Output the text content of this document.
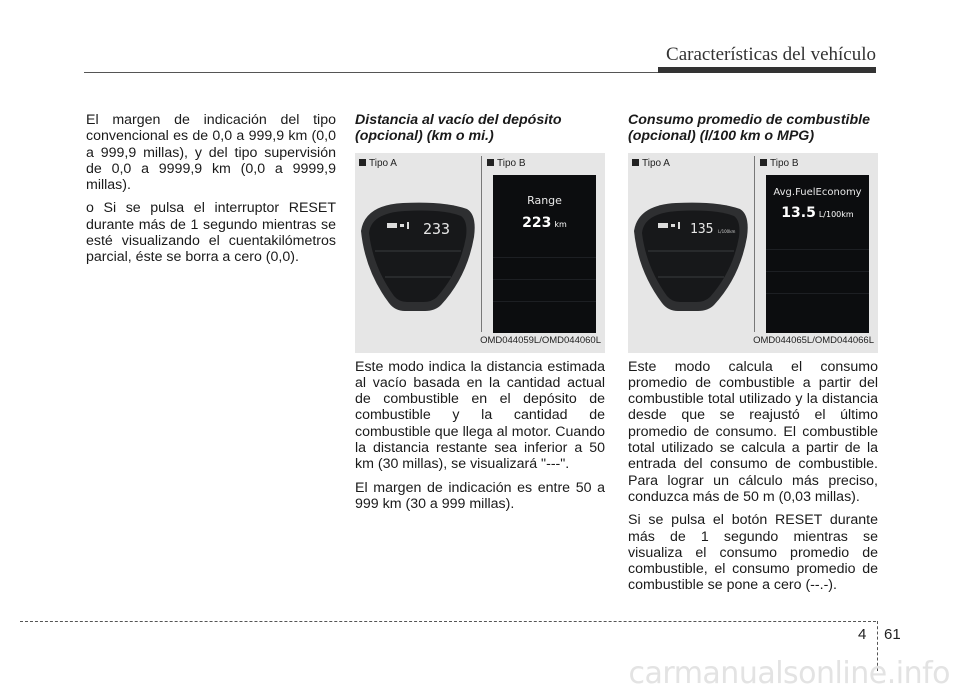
Características del vehículo

El margen de indicación del tipo convencional es de 0,0 a 999,9 km (0,0 a 999,9 millas), y del tipo supervisión de 0,0 a 9999,9 km (0,0 a 9999,9 millas).

o Si se pulsa el interruptor RESET durante más de 1 segundo mientras se esté visualizando el cuentakilómetros parcial, éste se borra a cero (0,0).

Distancia al vacío del depósito (opcional) (km o mi.)
233
Tipo A	Tipo B
Range
223 km
OMD044059L/OMD044060L

Este modo indica la distancia estimada al vacío basada en la cantidad actual de combustible en el depósito de combustible y la cantidad de combustible que llega al motor. Cuando la distancia restante sea inferior a 50 km (30 millas), se visualizará "---".

El margen de indicación es entre 50 a 999 km (30 a 999 millas).

Consumo promedio de combustible (opcional) (l/100 km o MPG)
135 L/100km
Tipo A	Tipo B
Avg.FuelEconomy
13.5 L/100km
OMD044065L/OMD044066L

Este modo calcula el consumo promedio de combustible a partir del combustible total utilizado y la distancia desde que se reajustó el último promedio de consumo. El combustible total utilizado se calcula a partir de la entrada del consumo de combustible. Para lograr un cálculo más preciso, conduzca más de 50 m (0,03 millas).

Si se pulsa el botón RESET durante más de 1 segundo mientras se visualiza el consumo promedio de combustible, el consumo promedio de combustible se pone a cero (--.-).

4 61
carmanualsonline.info
